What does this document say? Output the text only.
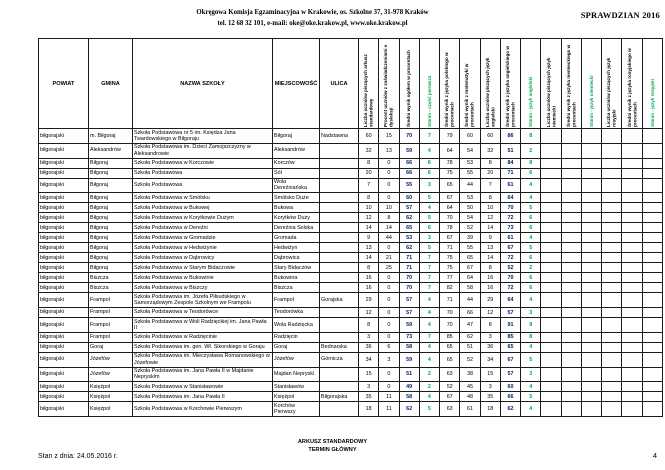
Okręgowa Komisja Egzaminacyjna w Krakowie, os. Szkolne 37, 31-978 Kraków
tel. 12 68 32 101, e-mail: oke@oke.krakow.pl, www.oke.krakow.pl
SPRAWDZIAN 2016
POWIAT	GMINA	NAZWA SZKOŁY	MIEJSCOWOŚĆ	ULICA	Liczba uczniów piszących arkusz standardowy	Procent uczniów z zaświadczeniami o dysleksji	Średni wynik ogółem w procentach	Stanin - część pierwsza	Średni wynik z języka polskiego w procentach	Średni wynik z matematyki w procentach	Liczba uczniów piszących język angielski	Średni wynik z języka angielskiego w procentach	Stanin - język angielski	Liczba uczniów piszących język niemiecki	Średni wynik z języka niemieckiego w procentach	Stanin - język niemiecki	Liczba uczniów piszących język rosyjski	Średni wynik z języka rosyjskiego w procentach	Stanin - język rosyjski

biłgorajski	m. Biłgoraj	Szkoła Podstawowa nr 5 im. Księdza Jana Twardowskiego w Biłgoraju	Biłgoraj	Nadstawna	60	15	70	7	79	60	60	86	8						
biłgorajski	Aleksandrów	Szkoła Podstawowa im. Dzieci Zamojszczyzny w Aleksandrowie	Aleksandrów		32	13	59	4	64	54	32	51	2						
biłgorajski	Biłgoraj	Szkoła Podstawowa w Korczowie	Korczów		8	0	66	6	78	53	8	84	8						
biłgorajski	Biłgoraj	Szkoła Podstawowa	Sól		20	0	66	6	75	55	20	71	6						
biłgorajski	Biłgoraj	Szkoła Podstawowa	Wola Dereźniańska		7	0	55	3	65	44	7	61	4						
biłgorajski	Biłgoraj	Szkoła Podstawowa w Smólsku	Smólsko Duże		8	0	60	5	67	53	8	64	4						
biłgorajski	Biłgoraj	Szkoła Podstawowa w Bukowej	Bukowa		10	10	57	4	64	50	10	70	5						
biłgorajski	Biłgoraj	Szkoła Podstawowa w Korytkowie Dużym	Korytków Duży		12	8	62	5	70	54	12	72	6						
biłgorajski	Biłgoraj	Szkoła Podstawowa w Dereźni	Dereźnia Solska		14	14	65	6	78	52	14	73	6						
biłgorajski	Biłgoraj	Szkoła Podstawowa w Gromadzie	Gromada		9	44	53	3	67	39	9	61	4						
biłgorajski	Biłgoraj	Szkoła Podstawowa w Hedwiżynie	Hedwiżyn		13	0	62	5	71	55	13	67	5						
biłgorajski	Biłgoraj	Szkoła Podstawowa w Dąbrowicy	Dąbrowica		14	21	71	7	75	65	14	72	6						
biłgorajski	Biłgoraj	Szkoła Podstawowa w Starym Bidaczowie	Stary Bidaczów		8	25	71	7	75	67	8	52	2						
biłgorajski	Biszcza	Szkoła Podstawowa w Bukowinie	Bukowina		16	0	70	7	77	64	16	70	6						
biłgorajski	Biszcza	Szkoła Podstawowa w Biszczy	Biszcza		16	0	70	7	82	58	16	72	6						
biłgorajski	Frampol	Szkoła Podstawowa im. Józefa Piłsudskiego w Samorządowym Zespole Szkolnym we Frampolu	Frampol	Gorajska	29	0	57	4	71	44	29	64	4						
biłgorajski	Frampol	Szkoła Podstawowa w Teodorówce	Teodorówka		12	0	57	4	70	66	12	57	3						
biłgorajski	Frampol	Szkoła Podstawowa w Woli Radzięckiej im. Jana Pawła II	Wola Radzięcka		8	0	59	4	70	47	8	91	9						
biłgorajski	Frampol	Szkoła Podstawowa w Radzięcinie	Radzięcin		3	0	73	7	85	62	3	85	8						
biłgorajski	Goraj	Szkoła Podstawowa im. gen. Wł. Sikorskiego w Goraju	Goraj	Bednarska	36	6	58	4	65	51	36	65	4						
biłgorajski	Józefów	Szkoła Podstawowa im. Mieczysława Romanowskiego w Józefowie	Józefów	Górnicza	34	3	59	4	65	52	34	67	5						
biłgorajski	Józefów	Szkoła Podstawowa im. Jana Pawła II w Majdanie Nepryskim	Majdan Nepryski		15	0	51	2	63	38	15	57	3						
biłgorajski	Księżpol	Szkoła Podstawowa w Stanisławowie	Stanisławów		3	0	49	2	52	45	3	60	4						
biłgorajski	Księżpol	Szkoła Podstawowa im. Jana Pawła II	Księżpol	Biłgorajska	35	11	58	4	67	48	35	66	5						
biłgorajski	Księżpol	Szkoła Podstawowa w Korchowie Pierwszym	Korchów Pierwszy		18	11	62	5	63	61	18	62	4						
ARKUSZ STANDARDOWY
TERMIN GŁÓWNY
Stan z dnia: 24.05.2016 r.	4
